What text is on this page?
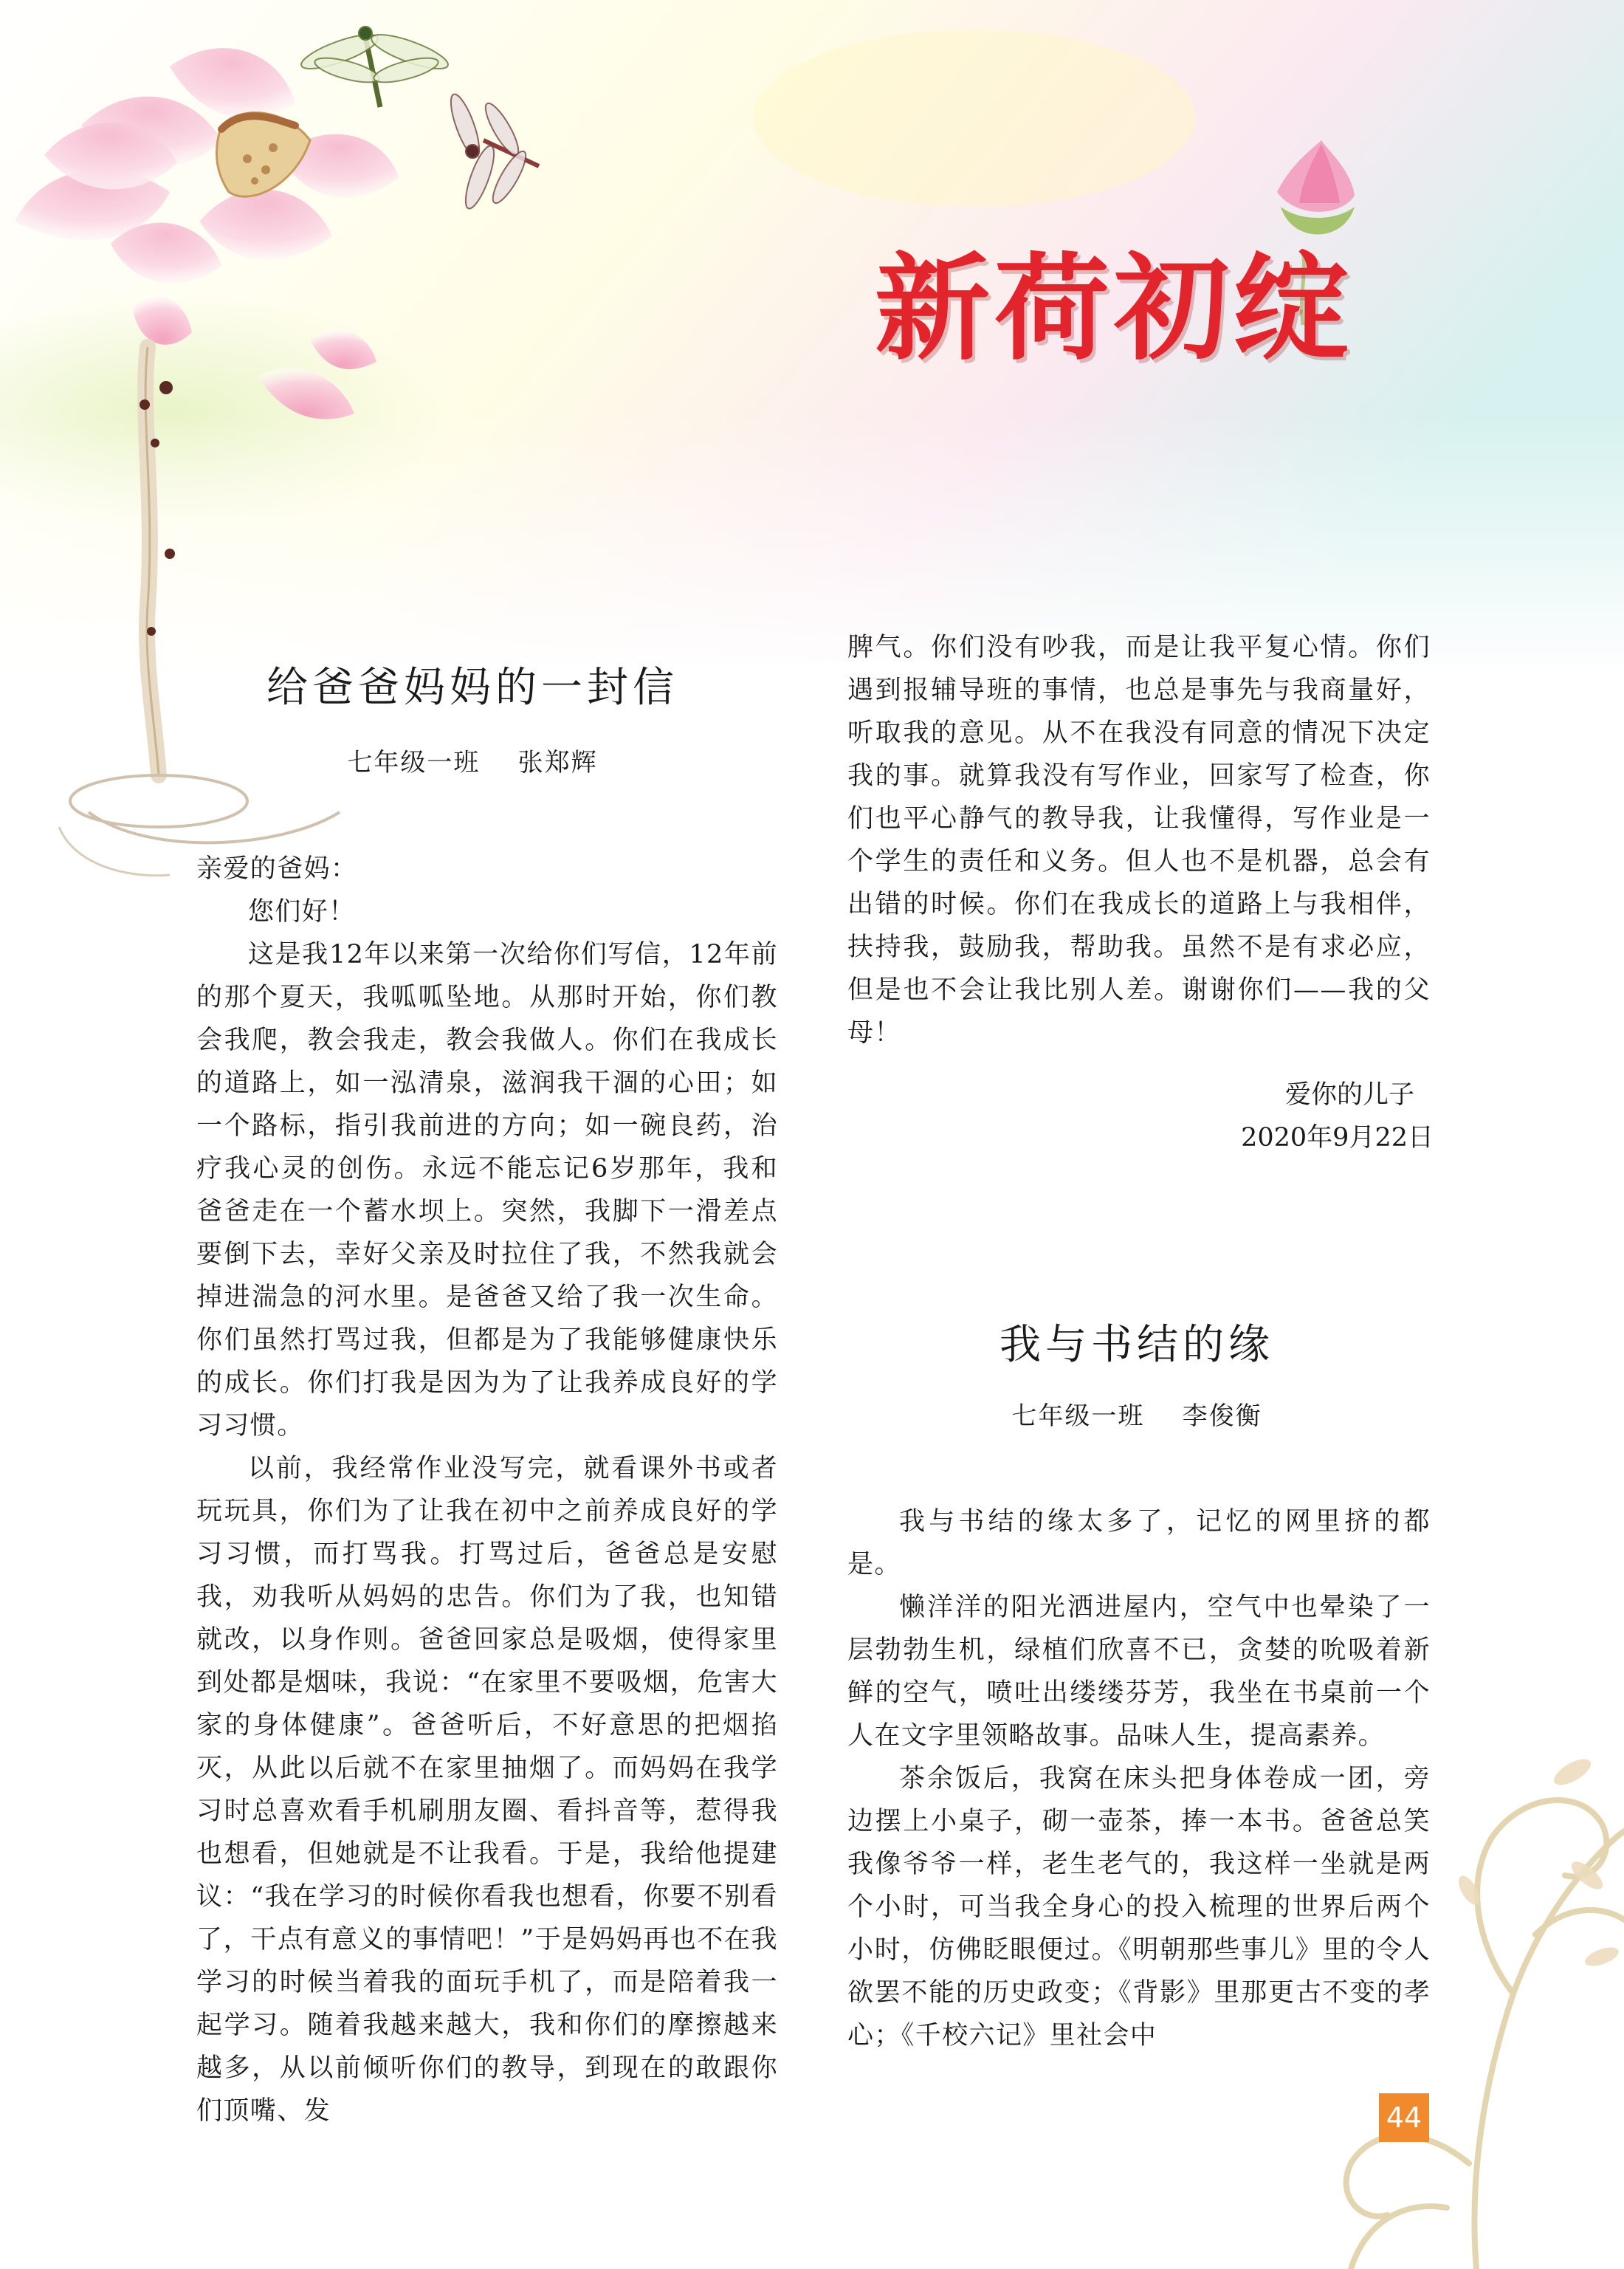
新荷初绽
给爸爸妈妈的一封信
七年级一班    张郑辉

亲爱的爸妈：

您们好！

这是我12年以来第一次给你们写信，12年前的那个夏天，我呱呱坠地。从那时开始，你们教会我爬，教会我走，教会我做人。你们在我成长的道路上，如一泓清泉，滋润我干涸的心田；如一个路标，指引我前进的方向；如一碗良药，治疗我心灵的创伤。永远不能忘记6岁那年，我和爸爸走在一个蓄水坝上。突然，我脚下一滑差点要倒下去，幸好父亲及时拉住了我，不然我就会掉进湍急的河水里。是爸爸又给了我一次生命。你们虽然打骂过我，但都是为了我能够健康快乐的成长。你们打我是因为为了让我养成良好的学习习惯。

以前，我经常作业没写完，就看课外书或者玩玩具，你们为了让我在初中之前养成良好的学习习惯，而打骂我。打骂过后，爸爸总是安慰我，劝我听从妈妈的忠告。你们为了我，也知错就改，以身作则。爸爸回家总是吸烟，使得家里到处都是烟味，我说：“在家里不要吸烟，危害大家的身体健康”。爸爸听后，不好意思的把烟掐灭，从此以后就不在家里抽烟了。而妈妈在我学习时总喜欢看手机刷朋友圈、看抖音等，惹得我也想看，但她就是不让我看。于是，我给他提建议：“我在学习的时候你看我也想看，你要不别看了，干点有意义的事情吧！”于是妈妈再也不在我学习的时候当着我的面玩手机了，而是陪着我一起学习。随着我越来越大，我和你们的摩擦越来越多，从以前倾听你们的教导，到现在的敢跟你们顶嘴、发

脾气。你们没有吵我，而是让我平复心情。你们遇到报辅导班的事情，也总是事先与我商量好，听取我的意见。从不在我没有同意的情况下决定我的事。就算我没有写作业，回家写了检查，你们也平心静气的教导我，让我懂得，写作业是一个学生的责任和义务。但人也不是机器，总会有出错的时候。你们在我成长的道路上与我相伴，扶持我，鼓励我，帮助我。虽然不是有求必应，但是也不会让我比别人差。谢谢你们——我的父母！

爱你的儿子
2020年9月22日
我与书结的缘
七年级一班    李俊衡

我与书结的缘太多了，记忆的网里挤的都是。

懒洋洋的阳光洒进屋内，空气中也晕染了一层勃勃生机，绿植们欣喜不已，贪婪的吮吸着新鲜的空气，喷吐出缕缕芬芳，我坐在书桌前一个人在文字里领略故事。品味人生，提高素养。

茶余饭后，我窝在床头把身体卷成一团，旁边摆上小桌子，砌一壶茶，捧一本书。爸爸总笑我像爷爷一样，老生老气的，我这样一坐就是两个小时，可当我全身心的投入梳理的世界后两个小时，仿佛眨眼便过。《明朝那些事儿》里的令人欲罢不能的历史政变；《背影》里那更古不变的孝心；《千校六记》里社会中

44
